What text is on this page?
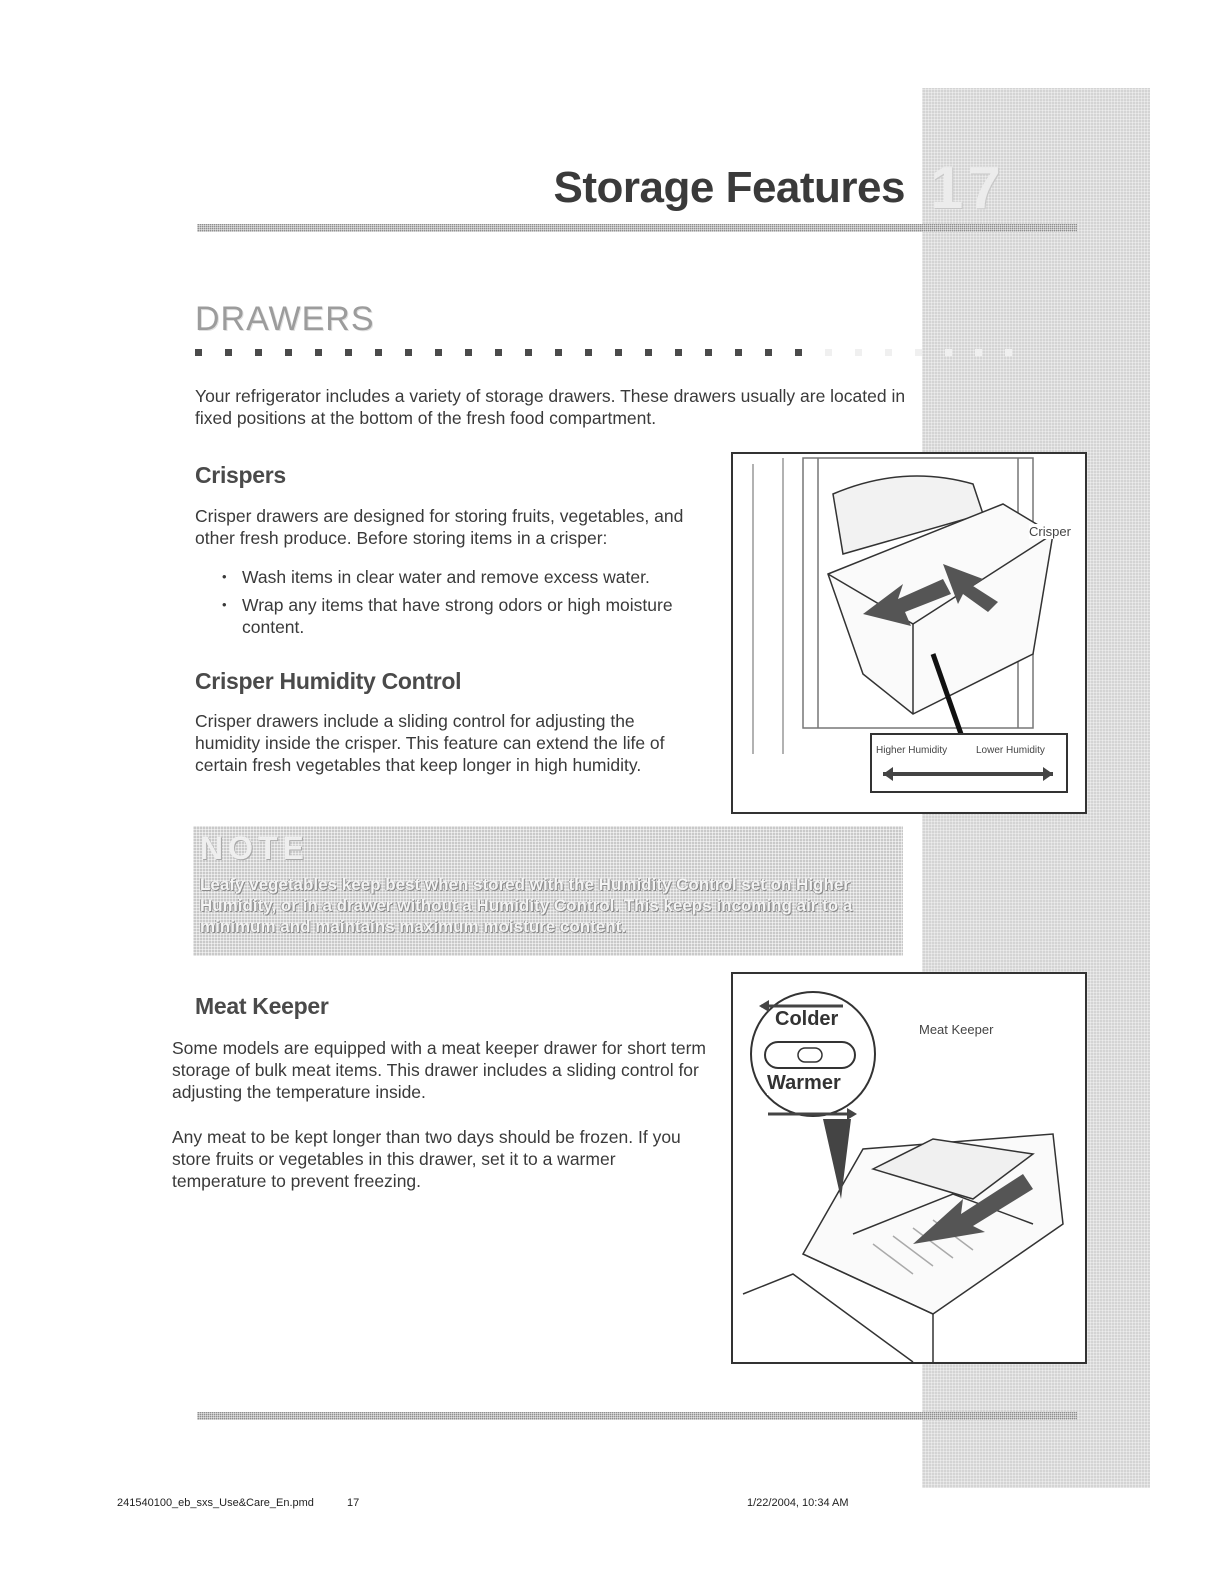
Storage Features 17
DRAWERS
Your refrigerator includes a variety of storage drawers. These drawers usually are located in fixed positions at the bottom of the fresh food compartment.
Crispers
Crisper drawers are designed for storing fruits, vegetables, and other fresh produce. Before storing items in a crisper:
• Wash items in clear water and remove excess water.
• Wrap any items that have strong odors or high moisture content.
Crisper Humidity Control
Crisper drawers include a sliding control for adjusting the humidity inside the crisper. This feature can extend the life of certain fresh vegetables that keep longer in high humidity.
Crisper
Higher Humidity	Lower Humidity
NOTE
Leafy vegetables keep best when stored with the Humidity Control set on Higher Humidity, or in a drawer without a Humidity Control. This keeps incoming air to a minimum and maintains maximum moisture content.
Meat Keeper
Some models are equipped with a meat keeper drawer for short term storage of bulk meat items. This drawer includes a sliding control for adjusting the temperature inside.
Any meat to be kept longer than two days should be frozen. If you store fruits or vegetables in this drawer, set it to a warmer temperature to prevent freezing.
Colder
Warmer
Meat Keeper
241540100_eb_sxs_Use&Care_En.pmd	17	1/22/2004, 10:34 AM
